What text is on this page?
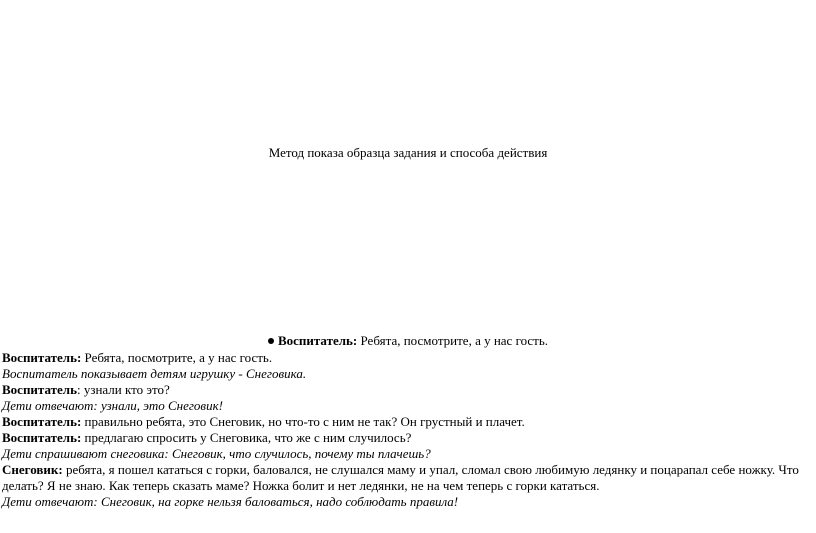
Метод показа образца задания и способа действия
Воспитатель: Ребята, посмотрите, а у нас гость.
Воспитатель: Ребята, посмотрите, а у нас гость.
Воспитатель показывает детям игрушку - Снеговика.
Воспитатель: узнали кто это?
Дети отвечают: узнали, это Снеговик!
Воспитатель: правильно ребята, это Снеговик, но что-то с ним не так? Он грустный и плачет.
Воспитатель: предлагаю спросить у Снеговика, что же с ним случилось?
Дети спрашивают снеговика: Снеговик, что случилось, почему ты плачешь?
Снеговик: ребята, я пошел кататься с горки, баловался, не слушался маму и упал, сломал свою любимую ледянку и поцарапал себе ножку. Что делать? Я не знаю. Как теперь сказать маме? Ножка болит и нет ледянки, не на чем теперь с горки кататься.
Дети отвечают: Снеговик, на горке нельзя баловаться, надо соблюдать правила!
